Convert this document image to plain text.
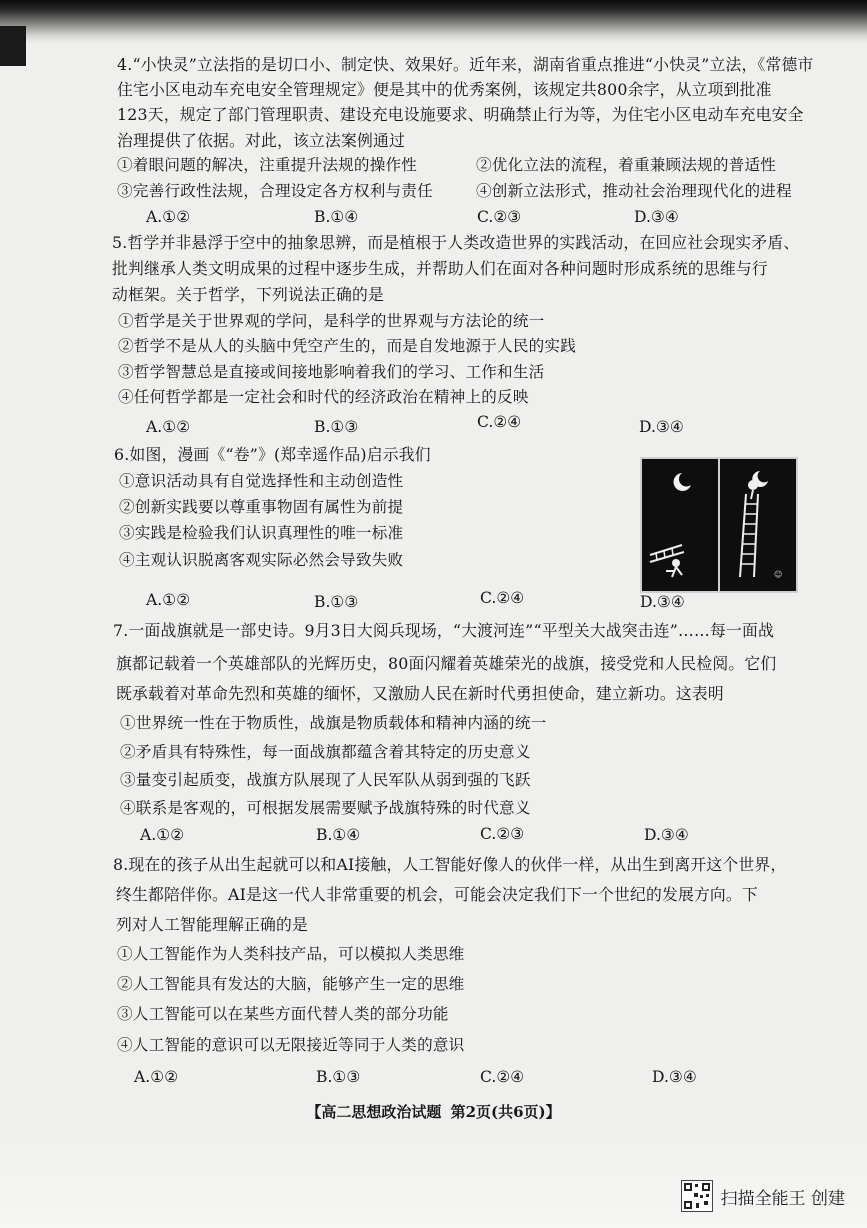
4.“小快灵”立法指的是切口小、制定快、效果好。近年来，湖南省重点推进“小快灵”立法，《常德市
住宅小区电动车充电安全管理规定》便是其中的优秀案例，该规定共800余字，从立项到批准
123天，规定了部门管理职责、建设充电设施要求、明确禁止行为等，为住宅小区电动车充电安全
治理提供了依据。对此，该立法案例通过
①着眼问题的解决，注重提升法规的操作性	②优化立法的流程，着重兼顾法规的普适性
③完善行政性法规，合理设定各方权利与责任	④创新立法形式，推动社会治理现代化的进程
A.①②	B.①④	C.②③	D.③④
5.哲学并非悬浮于空中的抽象思辨，而是植根于人类改造世界的实践活动，在回应社会现实矛盾、
批判继承人类文明成果的过程中逐步生成，并帮助人们在面对各种问题时形成系统的思维与行
动框架。关于哲学，下列说法正确的是
①哲学是关于世界观的学问，是科学的世界观与方法论的统一
②哲学不是从人的头脑中凭空产生的，而是自发地源于人民的实践
③哲学智慧总是直接或间接地影响着我们的学习、工作和生活
④任何哲学都是一定社会和时代的经济政治在精神上的反映
A.①②	B.①③	C.②④	D.③④
6.如图，漫画《“卷”》(郑幸遥作品)启示我们
①意识活动具有自觉选择性和主动创造性
②创新实践要以尊重事物固有属性为前提
③实践是检验我们认识真理性的唯一标准
④主观认识脱离客观实际必然会导致失败
A.①②	B.①③	C.②④	D.③④
☺
7.一面战旗就是一部史诗。9月3日大阅兵现场，“大渡河连”“平型关大战突击连”……每一面战
旗都记载着一个英雄部队的光辉历史，80面闪耀着英雄荣光的战旗，接受党和人民检阅。它们
既承载着对革命先烈和英雄的缅怀，又激励人民在新时代勇担使命，建立新功。这表明
①世界统一性在于物质性，战旗是物质载体和精神内涵的统一
②矛盾具有特殊性，每一面战旗都蕴含着其特定的历史意义
③量变引起质变，战旗方队展现了人民军队从弱到强的飞跃
④联系是客观的，可根据发展需要赋予战旗特殊的时代意义
A.①②	B.①④	C.②③	D.③④
8.现在的孩子从出生起就可以和AI接触，人工智能好像人的伙伴一样，从出生到离开这个世界，
终生都陪伴你。AI是这一代人非常重要的机会，可能会决定我们下一个世纪的发展方向。下
列对人工智能理解正确的是
①人工智能作为人类科技产品，可以模拟人类思维
②人工智能具有发达的大脑，能够产生一定的思维
③人工智能可以在某些方面代替人类的部分功能
④人工智能的意识可以无限接近等同于人类的意识
A.①②	B.①③	C.②④	D.③④
【高二思想政治试题 第2页(共6页)】
扫描全能王 创建
